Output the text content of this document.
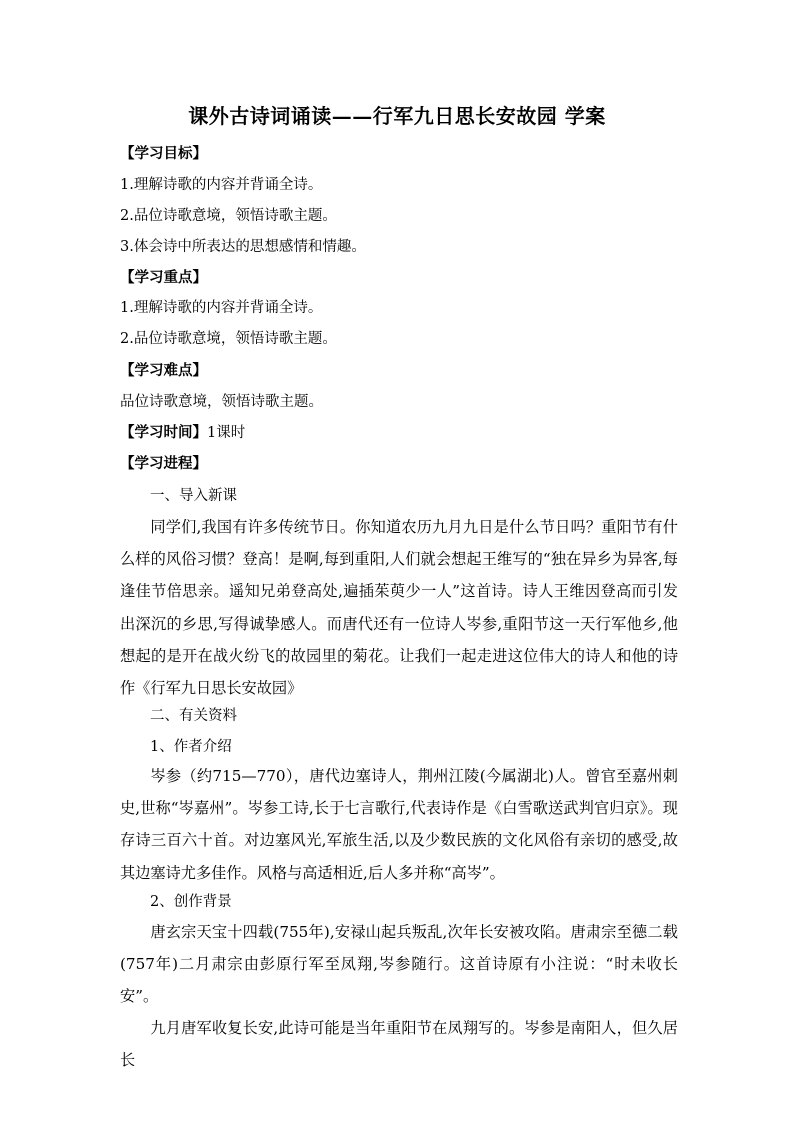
课外古诗词诵读——行军九日思长安故园 学案
【学习目标】
1.理解诗歌的内容并背诵全诗。
2.品位诗歌意境，领悟诗歌主题。
3.体会诗中所表达的思想感情和情趣。
【学习重点】
1.理解诗歌的内容并背诵全诗。
2.品位诗歌意境，领悟诗歌主题。
【学习难点】
品位诗歌意境，领悟诗歌主题。
【学习时间】1课时
【学习进程】
一、导入新课
同学们,我国有许多传统节日。你知道农历九月九日是什么节日吗？重阳节有什么样的风俗习惯？登高！是啊,每到重阳,人们就会想起王维写的“独在异乡为异客,每逢佳节倍思亲。遥知兄弟登高处,遍插茱萸少一人”这首诗。诗人王维因登高而引发出深沉的乡思,写得诚挚感人。而唐代还有一位诗人岑参,重阳节这一天行军他乡,他想起的是开在战火纷飞的故园里的菊花。让我们一起走进这位伟大的诗人和他的诗作《行军九日思长安故园》
二、有关资料
1、作者介绍
岑参（约715—770），唐代边塞诗人，荆州江陵(今属湖北)人。曾官至嘉州刺史,世称“岑嘉州”。岑参工诗,长于七言歌行,代表诗作是《白雪歌送武判官归京》。现存诗三百六十首。对边塞风光,军旅生活,以及少数民族的文化风俗有亲切的感受,故其边塞诗尤多佳作。风格与高适相近,后人多并称“高岑”。
2、创作背景
唐玄宗天宝十四载(755年),安禄山起兵叛乱,次年长安被攻陷。唐肃宗至德二载(757年)二月肃宗由彭原行军至凤翔,岑参随行。这首诗原有小注说：“时未收长安”。
九月唐军收复长安,此诗可能是当年重阳节在凤翔写的。岑参是南阳人，但久居长
